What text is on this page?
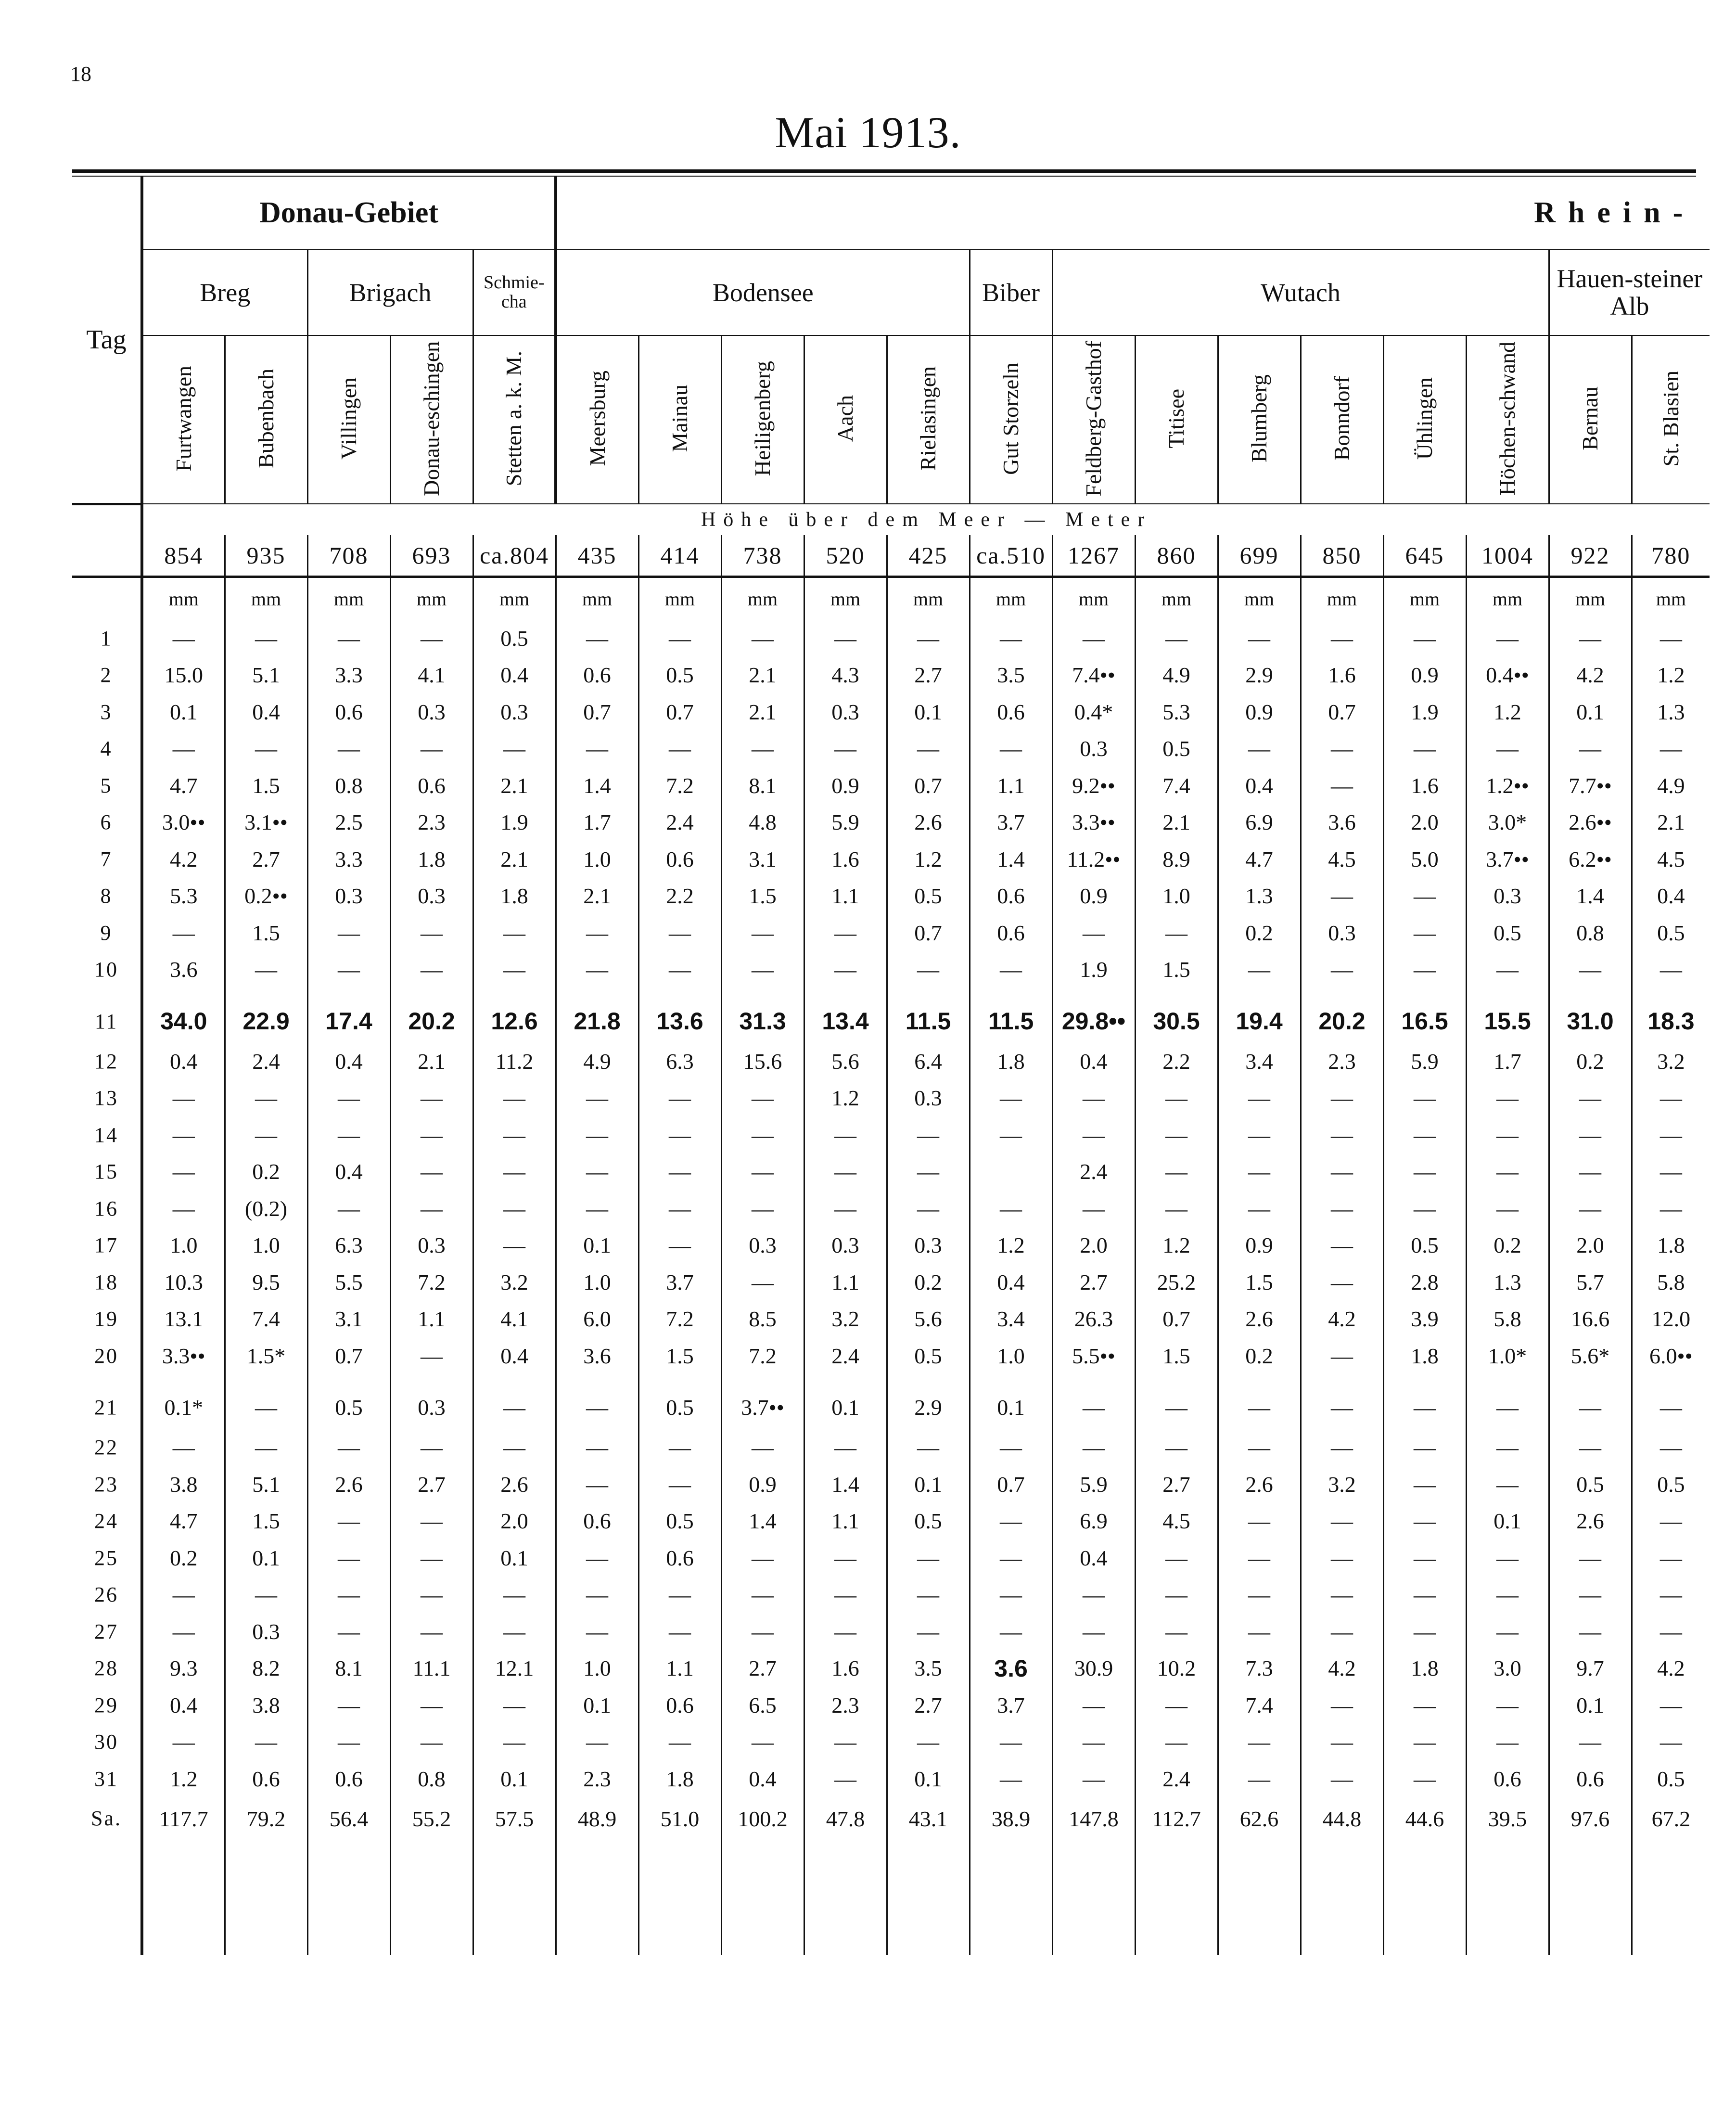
18
Mai 1913.
Tag	Donau-Gebiet					Rhein-													
	Breg		Brigach		Schmie-cha	Bodensee					Biber	Wutach						Hauen-steiner Alb	
	Furtwangen	Bubenbach	Villingen	Donau-eschingen	Stetten a. k. M.	Meersburg	Mainau	Heiligenberg	Aach	Rielasingen	Gut Storzeln	Feldberg-Gasthof	Titisee	Blumberg	Bonndorf	Ühlingen	Höchen-schwand	Bernau	St. Blasien
	Höhe über dem Meer — Meter																		
	854	935	708	693	ca.804	435	414	738	520	425	ca.510	1267	860	699	850	645	1004	922	780
	mm	mm	mm	mm	mm	mm	mm	mm	mm	mm	mm	mm	mm	mm	mm	mm	mm	mm	mm
1	—	—	—	—	0.5	—	—	—	—	—	—	—	—	—	—	—	—	—	—
2	15.0	5.1	3.3	4.1	0.4	0.6	0.5	2.1	4.3	2.7	3.5	7.4••	4.9	2.9	1.6	0.9	0.4••	4.2	1.2
3	0.1	0.4	0.6	0.3	0.3	0.7	0.7	2.1	0.3	0.1	0.6	0.4*	5.3	0.9	0.7	1.9	1.2	0.1	1.3
4	—	—	—	—	—	—	—	—	—	—	—	0.3	0.5	—	—	—	—	—	—
5	4.7	1.5	0.8	0.6	2.1	1.4	7.2	8.1	0.9	0.7	1.1	9.2••	7.4	0.4	—	1.6	1.2••	7.7••	4.9
6	3.0••	3.1••	2.5	2.3	1.9	1.7	2.4	4.8	5.9	2.6	3.7	3.3••	2.1	6.9	3.6	2.0	3.0*	2.6••	2.1
7	4.2	2.7	3.3	1.8	2.1	1.0	0.6	3.1	1.6	1.2	1.4	11.2••	8.9	4.7	4.5	5.0	3.7••	6.2••	4.5
8	5.3	0.2••	0.3	0.3	1.8	2.1	2.2	1.5	1.1	0.5	0.6	0.9	1.0	1.3	—	—	0.3	1.4	0.4
9	—	1.5	—	—	—	—	—	—	—	0.7	0.6	—	—	0.2	0.3	—	0.5	0.8	0.5
10	3.6	—	—	—	—	—	—	—	—	—	—	1.9	1.5	—	—	—	—	—	—
11	34.0	22.9	17.4	20.2	12.6	21.8	13.6	31.3	13.4	11.5	11.5	29.8••	30.5	19.4	20.2	16.5	15.5	31.0	18.3
12	0.4	2.4	0.4	2.1	11.2	4.9	6.3	15.6	5.6	6.4	1.8	0.4	2.2	3.4	2.3	5.9	1.7	0.2	3.2
13	—	—	—	—	—	—	—	—	1.2	0.3	—	—	—	—	—	—	—	—	—
14	—	—	—	—	—	—	—	—	—	—	—	—	—	—	—	—	—	—	—
15	—	0.2	0.4	—	—	—	—	—	—	—		2.4	—	—	—	—	—	—	—
16	—	(0.2)	—	—	—	—	—	—	—	—	—	—	—	—	—	—	—	—	—
17	1.0	1.0	6.3	0.3	—	0.1	—	0.3	0.3	0.3	1.2	2.0	1.2	0.9	—	0.5	0.2	2.0	1.8
18	10.3	9.5	5.5	7.2	3.2	1.0	3.7	—	1.1	0.2	0.4	2.7	25.2	1.5	—	2.8	1.3	5.7	5.8
19	13.1	7.4	3.1	1.1	4.1	6.0	7.2	8.5	3.2	5.6	3.4	26.3	0.7	2.6	4.2	3.9	5.8	16.6	12.0
20	3.3••	1.5*	0.7	—	0.4	3.6	1.5	7.2	2.4	0.5	1.0	5.5••	1.5	0.2	—	1.8	1.0*	5.6*	6.0••
21	0.1*	—	0.5	0.3	—	—	0.5	3.7••	0.1	2.9	0.1	—	—	—	—	—	—	—	—
22	—	—	—	—	—	—	—	—	—	—	—	—	—	—	—	—	—	—	—
23	3.8	5.1	2.6	2.7	2.6	—	—	0.9	1.4	0.1	0.7	5.9	2.7	2.6	3.2	—	—	0.5	0.5
24	4.7	1.5	—	—	2.0	0.6	0.5	1.4	1.1	0.5	—	6.9	4.5	—	—	—	0.1	2.6	—
25	0.2	0.1	—	—	0.1	—	0.6	—	—	—	—	0.4	—	—	—	—	—	—	—
26	—	—	—	—	—	—	—	—	—	—	—	—	—	—	—	—	—	—	—
27	—	0.3	—	—	—	—	—	—	—	—	—	—	—	—	—	—	—	—	—
28	9.3	8.2	8.1	11.1	12.1	1.0	1.1	2.7	1.6	3.5	3.6	30.9	10.2	7.3	4.2	1.8	3.0	9.7	4.2
29	0.4	3.8	—	—	—	0.1	0.6	6.5	2.3	2.7	3.7	—	—	7.4	—	—	—	0.1	—
30	—	—	—	—	—	—	—	—	—	—	—	—	—	—	—	—	—	—	—
31	1.2	0.6	0.6	0.8	0.1	2.3	1.8	0.4	—	0.1	—	—	2.4	—	—	—	0.6	0.6	0.5
Sa.	117.7	79.2	56.4	55.2	57.5	48.9	51.0	100.2	47.8	43.1	38.9	147.8	112.7	62.6	44.8	44.6	39.5	97.6	67.2
